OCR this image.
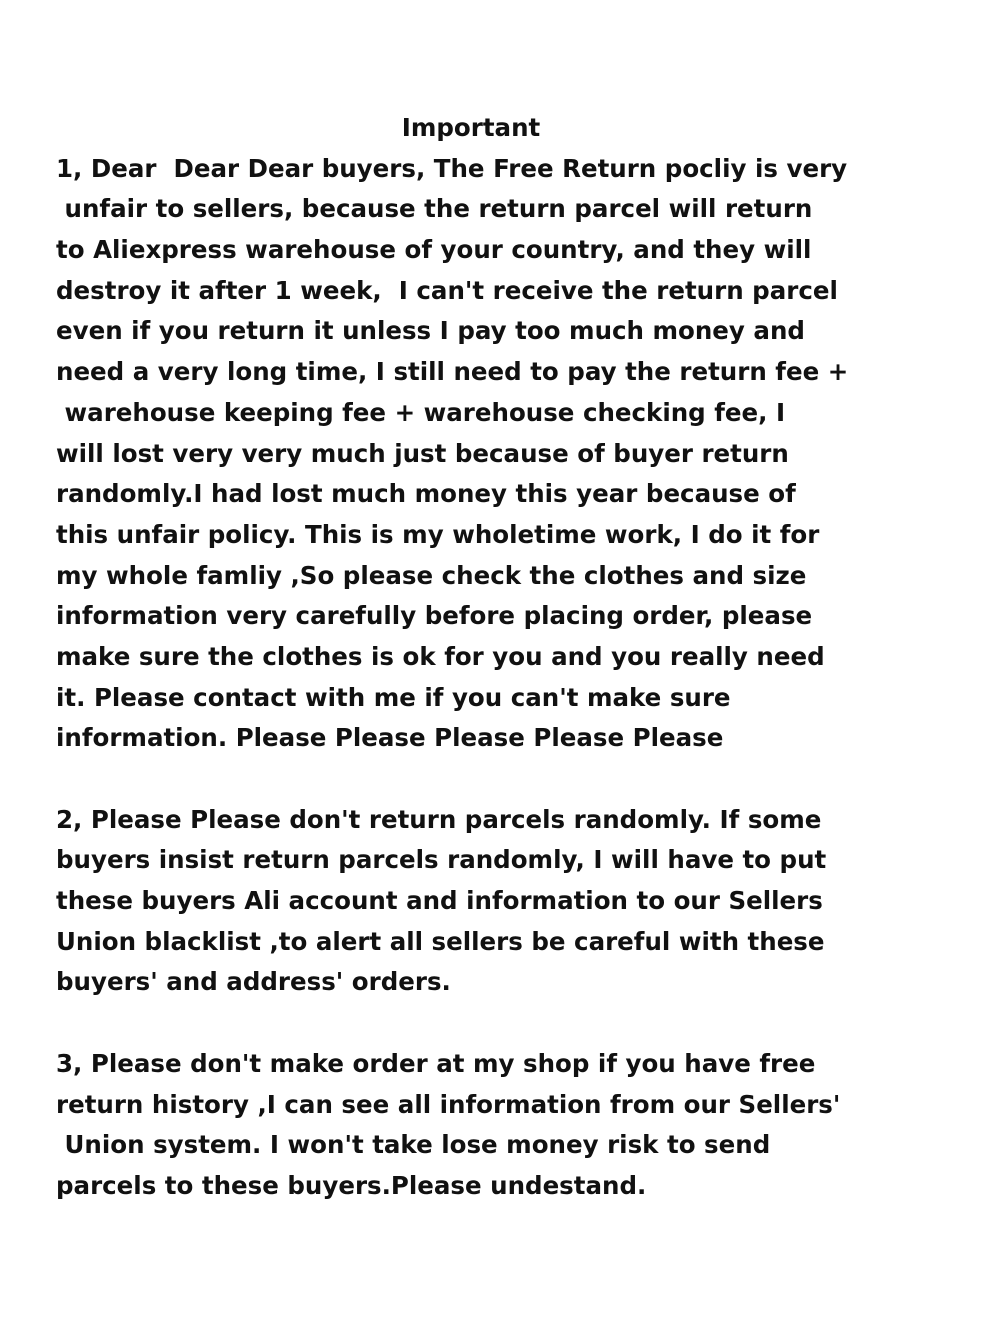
Important
1, Dear  Dear Dear buyers, The Free Return pocliy is very
unfair to sellers, because the return parcel will return
to Aliexpress warehouse of your country, and they will
destroy it after 1 week,  I can't receive the return parcel
even if you return it unless I pay too much money and
need a very long time, I still need to pay the return fee +
warehouse keeping fee + warehouse checking fee, I
will lost very very much just because of buyer return
randomly.I had lost much money this year because of
this unfair policy. This is my wholetime work, I do it for
my whole famliy ,So please check the clothes and size
information very carefully before placing order, please
make sure the clothes is ok for you and you really need
it. Please contact with me if you can't make sure
information. Please Please Please Please Please
2, Please Please don't return parcels randomly. If some
buyers insist return parcels randomly, I will have to put
these buyers Ali account and information to our Sellers
Union blacklist ,to alert all sellers be careful with these
buyers' and address' orders.
3, Please don't make order at my shop if you have free
return history ,I can see all information from our Sellers'
Union system. I won't take lose money risk to send
parcels to these buyers.Please undestand.
